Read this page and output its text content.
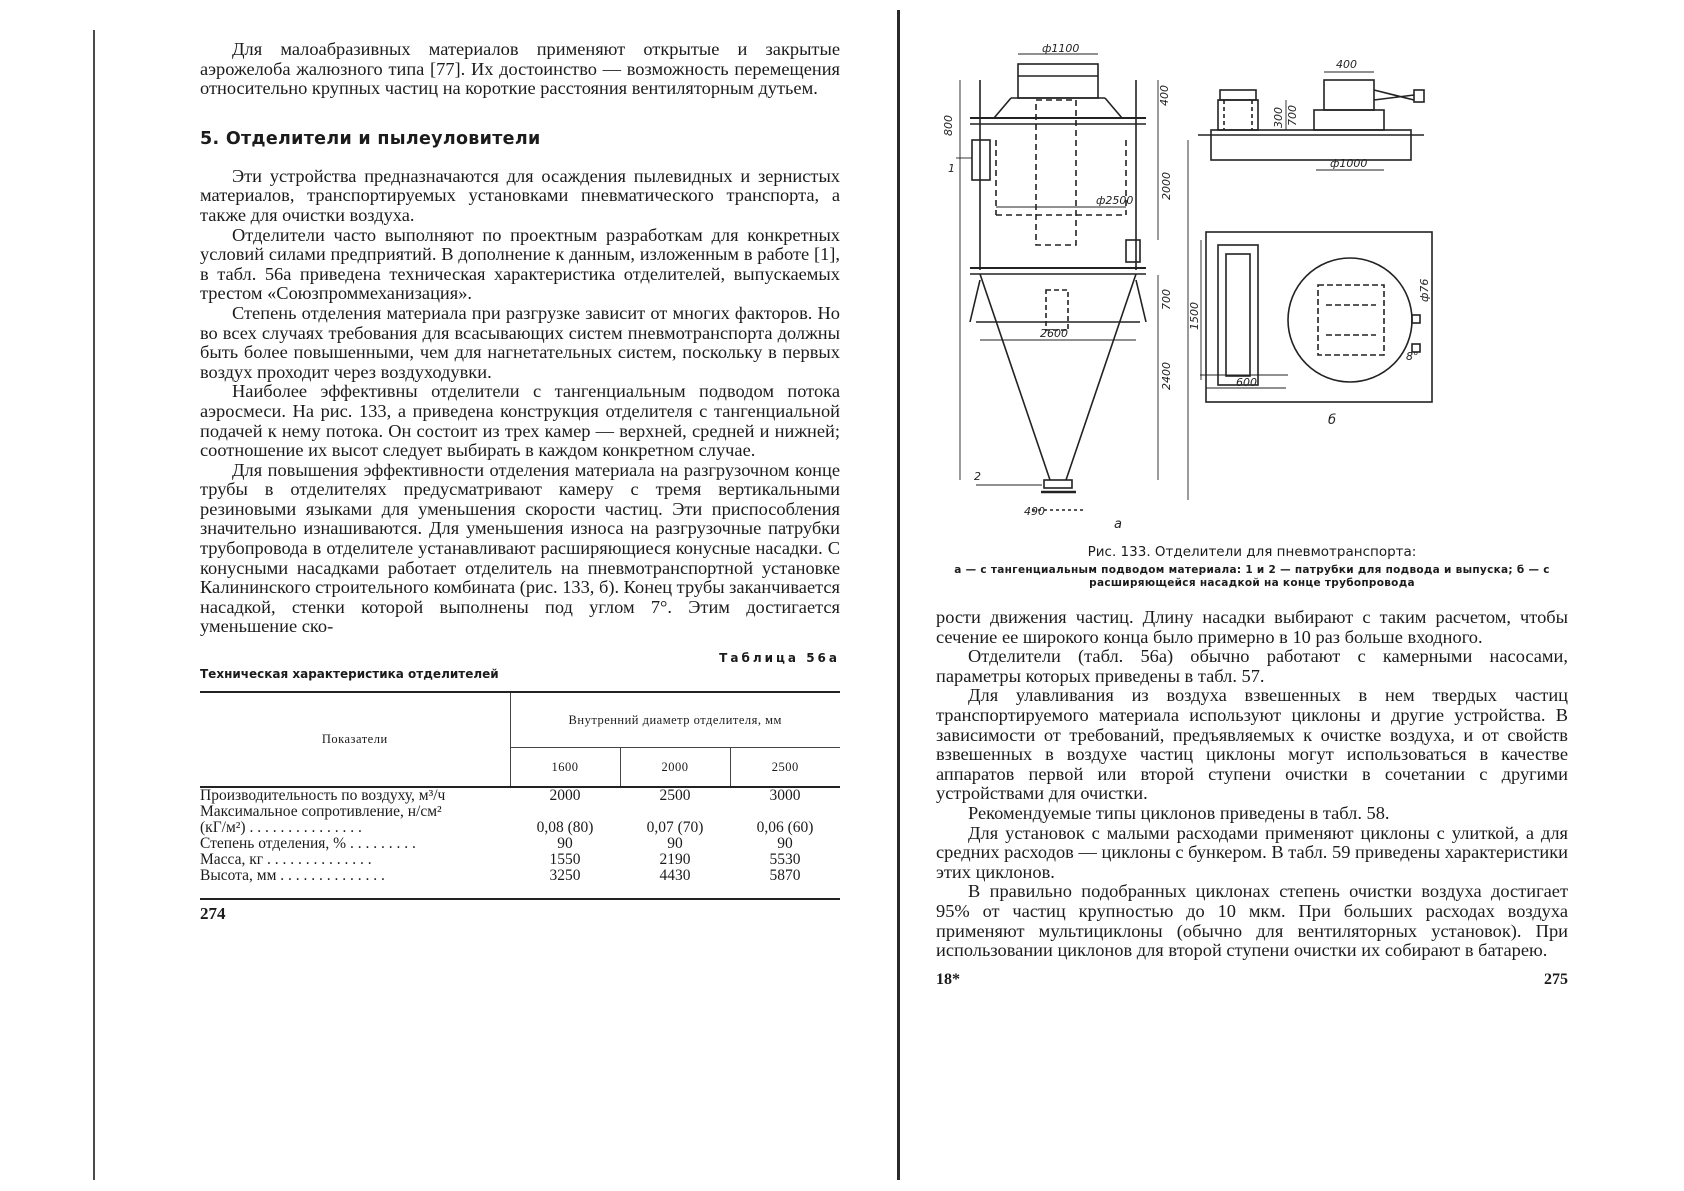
Для малоабразивных материалов применяют открытые и закрытые аэрожелоба жалюзного типа [77]. Их достоинство — возможность перемещения относительно крупных частиц на короткие расстояния вентиляторным дутьем.

5. Отделители и пылеуловители

Эти устройства предназначаются для осаждения пылевидных и зернистых материалов, транспортируемых установками пневматического транспорта, а также для очистки воздуха.

Отделители часто выполняют по проектным разработкам для конкретных условий силами предприятий. В дополнение к данным, изложенным в работе [1], в табл. 56а приведена техническая характеристика отделителей, выпускаемых трестом «Союзпроммеханизация».

Степень отделения материала при разгрузке зависит от многих факторов. Но во всех случаях требования для всасывающих систем пневмотранспорта должны быть более повышенными, чем для нагнетательных систем, поскольку в первых воздух проходит через воздуходувки.

Наиболее эффективны отделители с тангенциальным подводом потока аэросмеси. На рис. 133, а приведена конструкция отделителя с тангенциальной подачей к нему потока. Он состоит из трех камер — верхней, средней и нижней; соотношение их высот следует выбирать в каждом конкретном случае.

Для повышения эффективности отделения материала на разгрузочном конце трубы в отделителях предусматривают камеру с тремя вертикальными резиновыми языками для уменьшения скорости частиц. Эти приспособления значительно изнашиваются. Для уменьшения износа на разгрузочные патрубки трубопровода в отделителе устанавливают расширяющиеся конусные насадки. С конусными насадками работает отделитель на пневмотранспортной установке Калининского строительного комбината (рис. 133, б). Конец трубы заканчивается насадкой, стенки которой выполнены под углом 7°. Этим достигается уменьшение ско-

Таблица 56а
Техническая характеристика отделителей
Показатели	Внутренний диаметр отделителя, мм		
	1600	2000	2500
Производительность по воздуху, м³/ч	2000	2500	3000
Максимальное сопротивление, н/см²			
(кГ/м²) . . . . . . . . . . . . . . .	0,08 (80)	0,07 (70)	0,06 (60)
Степень отделения, % . . . . . . . . .	90	90	90
Масса, кг . . . . . . . . . . . . . .	1550	2190	5530
Высота, мм . . . . . . . . . . . . . .	3250	4430	5870

274
ф1100
400
800
2000
ф2500
700
2600
2400
1
2
490
а
400
300 700
ф1000
1500
ф76
8°
600
б
Рис. 133. Отделители для пневмотранспорта:
а — с тангенциальным подводом материала: 1 и 2 — патрубки для подвода и выпуска; б — с расширяющейся насадкой на конце трубопровода

рости движения частиц. Длину насадки выбирают с таким расчетом, чтобы сечение ее широкого конца было примерно в 10 раз больше входного.

Отделители (табл. 56а) обычно работают с камерными насосами, параметры которых приведены в табл. 57.

Для улавливания из воздуха взвешенных в нем твердых частиц транспортируемого материала используют циклоны и другие устройства. В зависимости от требований, предъявляемых к очистке воздуха, и от свойств взвешенных в воздухе частиц циклоны могут использоваться в качестве аппаратов первой или второй ступени очистки в сочетании с другими устройствами для очистки.

Рекомендуемые типы циклонов приведены в табл. 58.

Для установок с малыми расходами применяют циклоны с улиткой, а для средних расходов — циклоны с бункером. В табл. 59 приведены характеристики этих циклонов.

В правильно подобранных циклонах степень очистки воздуха достигает 95% от частиц крупностью до 10 мкм. При больших расходах воздуха применяют мультициклоны (обычно для вентиляторных установок). При использовании циклонов для второй ступени очистки их собирают в батарею.

18*	275
